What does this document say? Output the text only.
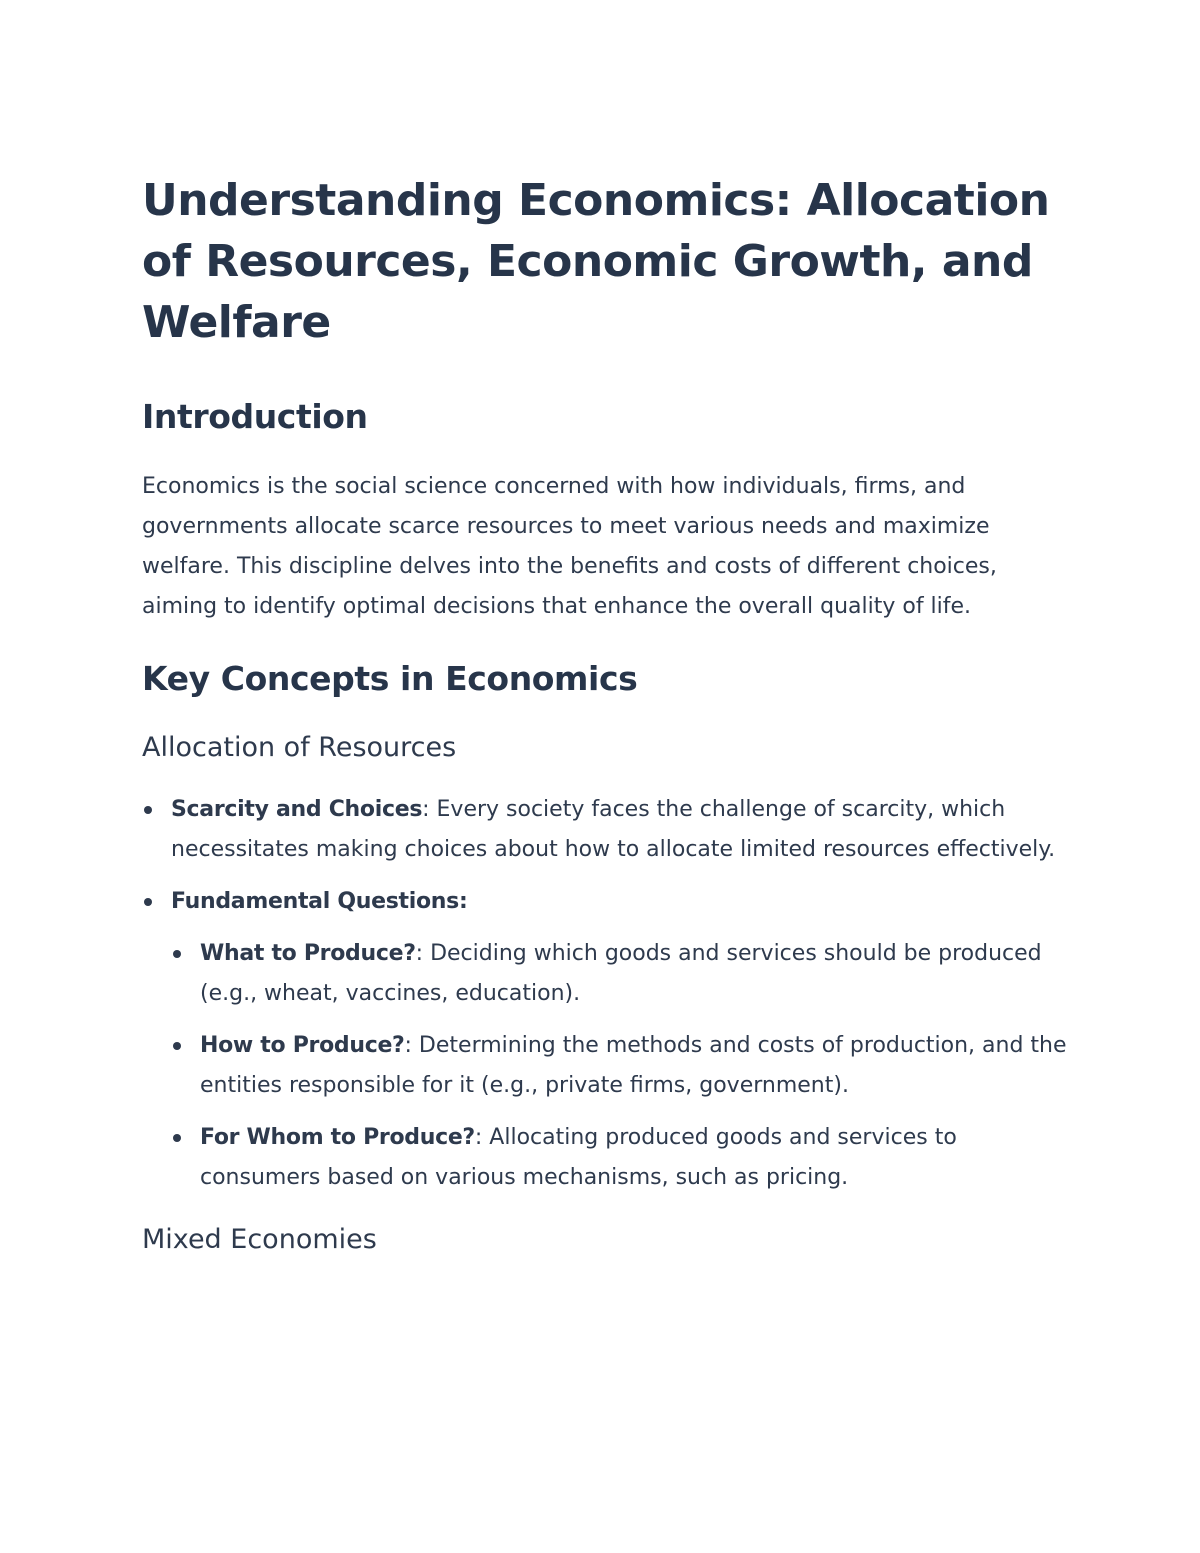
Understanding Economics: Allocation of Resources, Economic Growth, and Welfare
Introduction

Economics is the social science concerned with how individuals, firms, and governments allocate scarce resources to meet various needs and maximize welfare. This discipline delves into the benefits and costs of different choices, aiming to identify optimal decisions that enhance the overall quality of life.

Key Concepts in Economics
Allocation of Resources
Scarcity and Choices: Every society faces the challenge of scarcity, which necessitates making choices about how to allocate limited resources effectively.
Fundamental Questions:
What to Produce?: Deciding which goods and services should be produced (e.g., wheat, vaccines, education).
How to Produce?: Determining the methods and costs of production, and the entities responsible for it (e.g., private firms, government).
For Whom to Produce?: Allocating produced goods and services to consumers based on various mechanisms, such as pricing.
Mixed Economies
